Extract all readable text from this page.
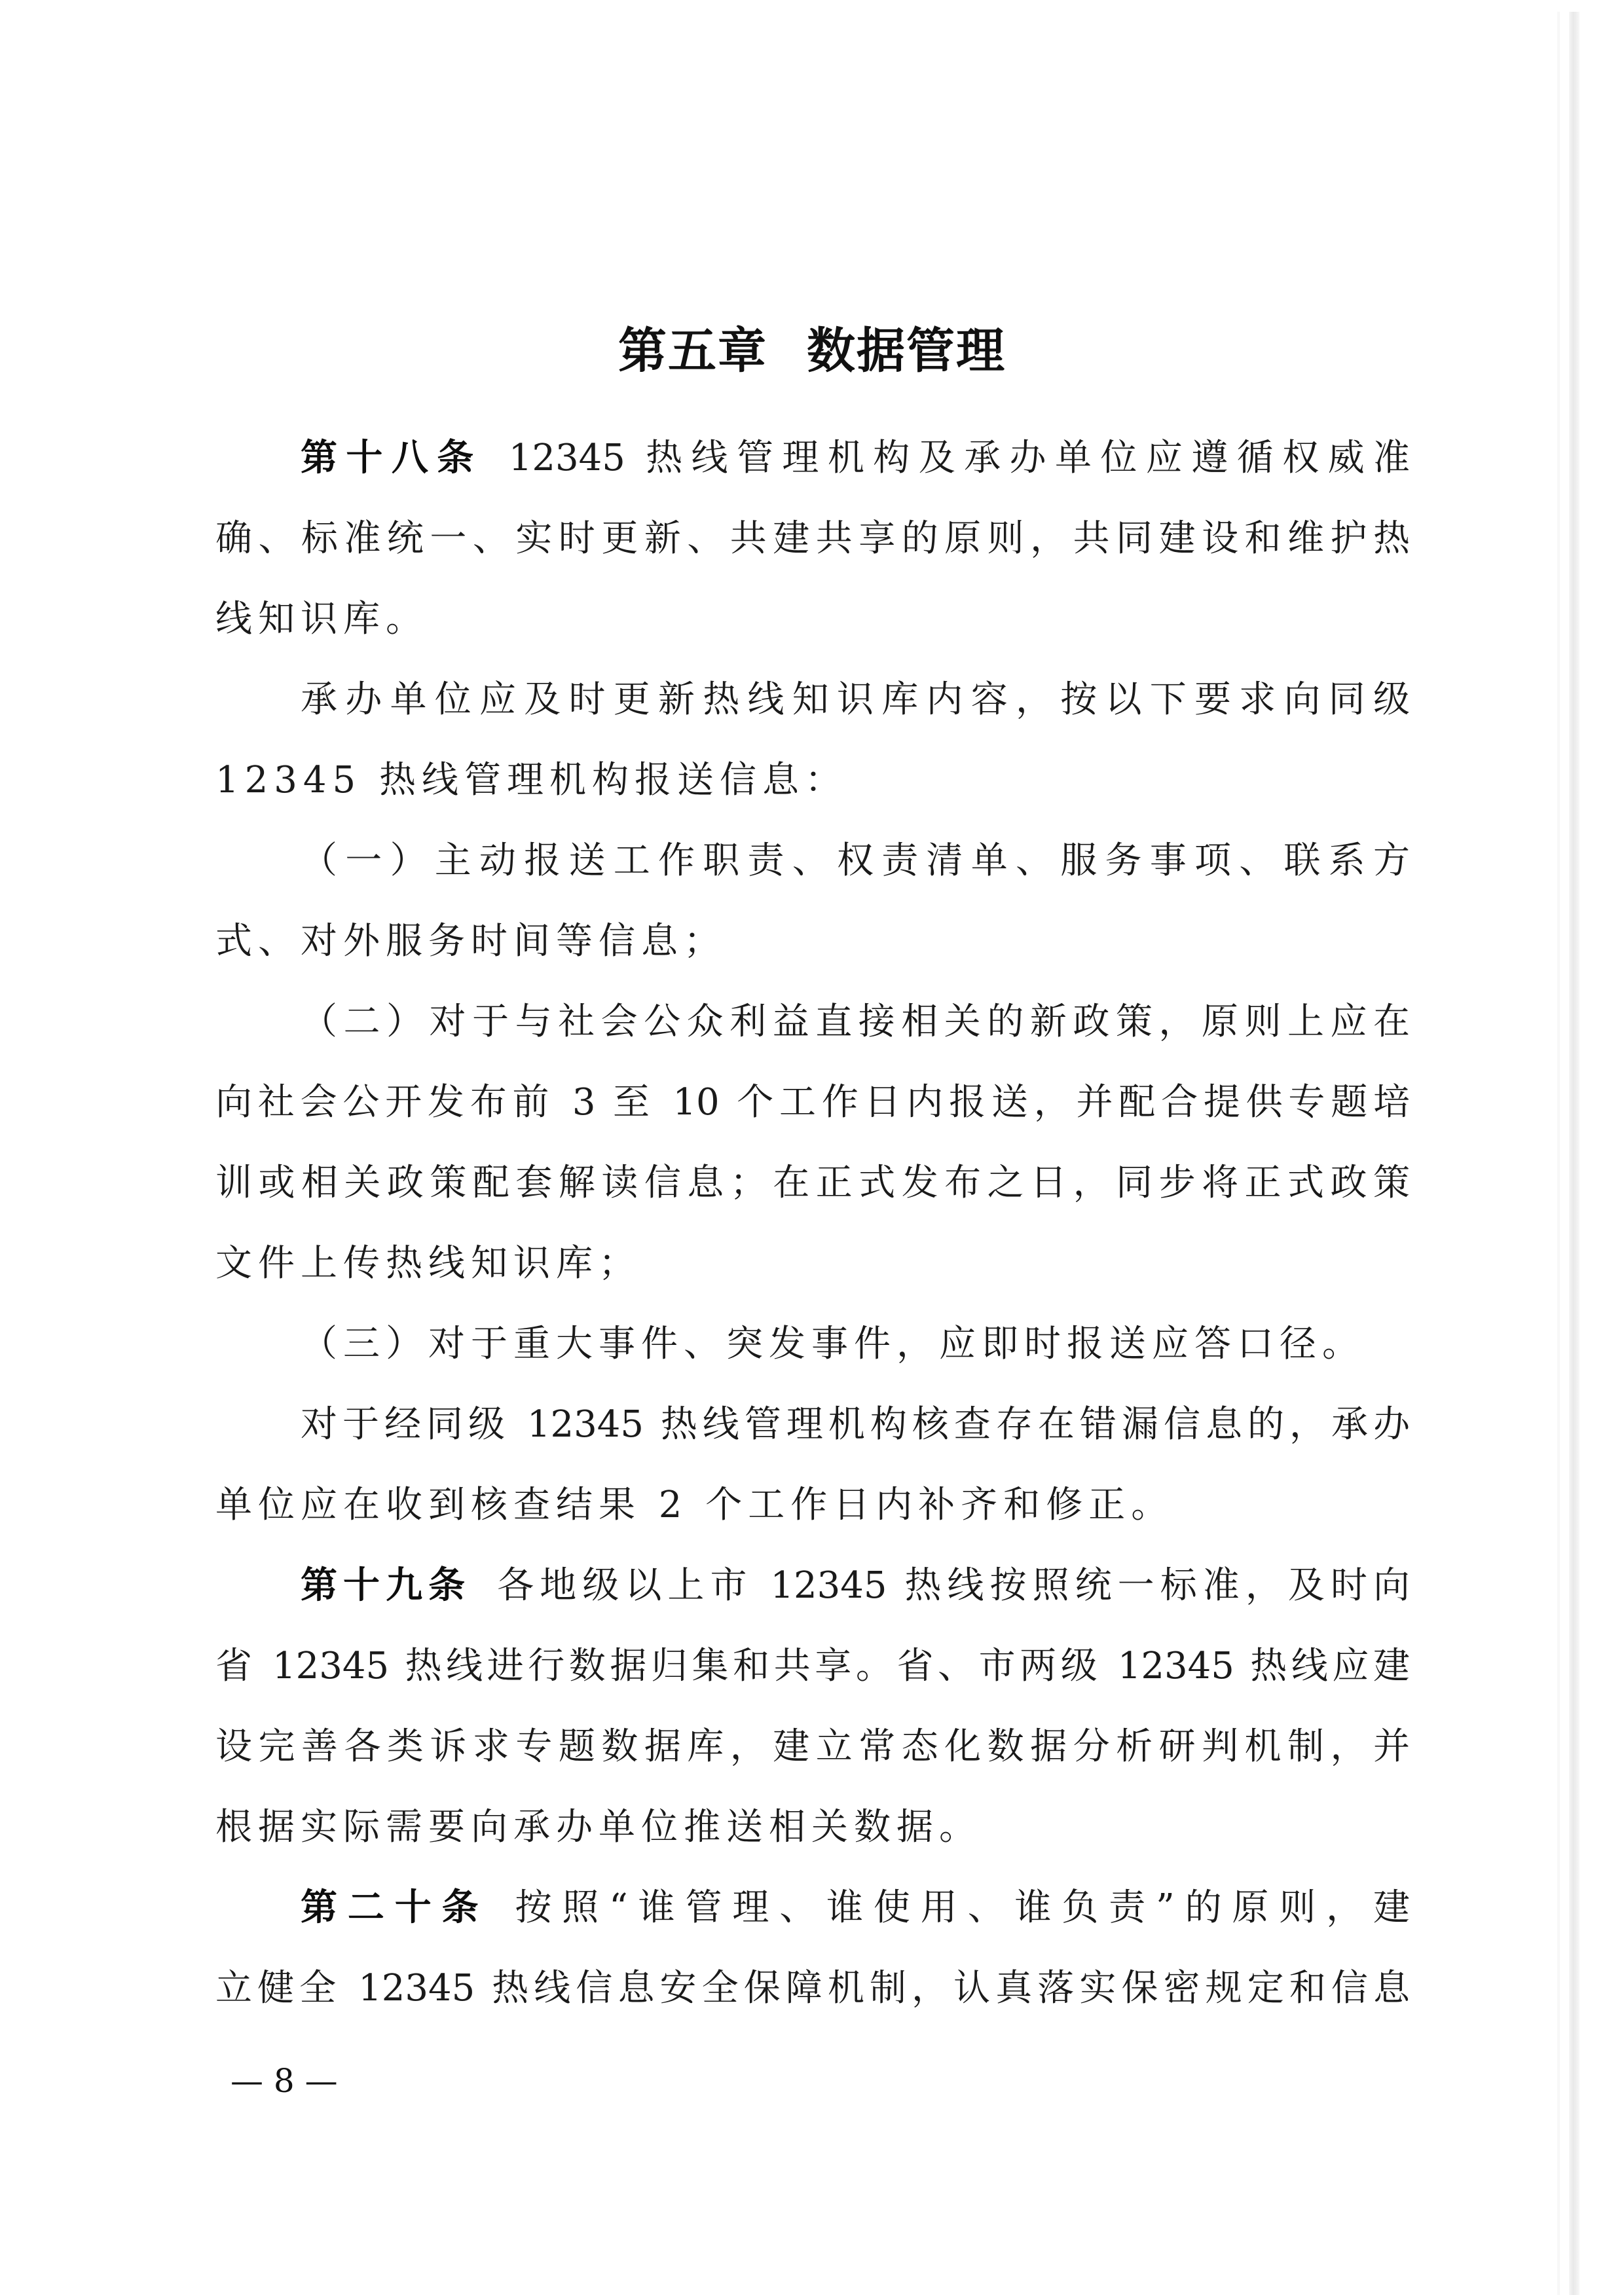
第五章 数据管理
第十八条 12345 热线管理机构及承办单位应遵循权威准
确、标准统一、实时更新、共建共享的原则，共同建设和维护热
线知识库。
承办单位应及时更新热线知识库内容，按以下要求向同级
12345 热线管理机构报送信息：
（一）主动报送工作职责、权责清单、服务事项、联系方
式、对外服务时间等信息；
（二）对于与社会公众利益直接相关的新政策，原则上应在
向社会公开发布前 3 至 10 个工作日内报送，并配合提供专题培
训或相关政策配套解读信息；在正式发布之日，同步将正式政策
文件上传热线知识库；
（三）对于重大事件、突发事件，应即时报送应答口径。
对于经同级 12345 热线管理机构核查存在错漏信息的，承办
单位应在收到核查结果 2 个工作日内补齐和修正。
第十九条 各地级以上市 12345 热线按照统一标准，及时向
省 12345 热线进行数据归集和共享。省、市两级 12345 热线应建
设完善各类诉求专题数据库，建立常态化数据分析研判机制，并
根据实际需要向承办单位推送相关数据。
第二十条 按照“谁管理、谁使用、谁负责”的原则，建
立健全 12345 热线信息安全保障机制，认真落实保密规定和信息
— 8 —
